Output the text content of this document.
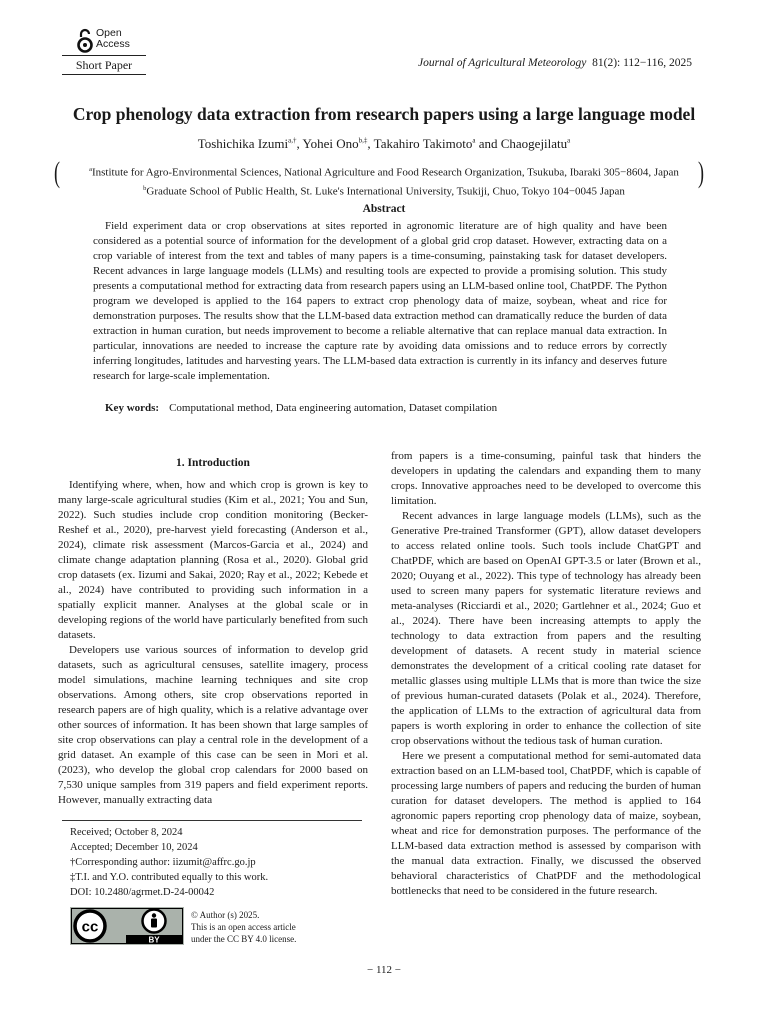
Open
Access
Short Paper	Journal of Agricultural Meteorology 81(2): 112−116, 2025
Crop phenology data extraction from research papers using a large language model
Toshichika Izumi$^{a,\dagger}$, Yohei Ono$^{b,\ddagger}$, Takahiro Takimoto$^a$ and Chaogejilatu$^a$
(	$^a$Institute for Agro-Environmental Sciences, National Agriculture and Food Research Organization, Tsukuba, Ibaraki 305−8604, Japan
$^b$Graduate School of Public Health, St. Luke's International University, Tsukiji, Chuo, Tokyo 104−0045 Japan
)
Abstract

Field experiment data or crop observations at sites reported in agronomic literature are of high quality and have been considered as a potential source of information for the development of a global grid crop dataset. However, extracting data on a crop variable of interest from the text and tables of many papers is a time-consuming, painstaking task for dataset developers. Recent advances in large language models (LLMs) and resulting tools are expected to provide a promising solution. This study presents a computational method for extracting data from research papers using an LLM-based online tool, ChatPDF. The Python program we developed is applied to the 164 papers to extract crop phenology data of maize, soybean, wheat and rice for demonstration purposes. The results show that the LLM-based data extraction method can dramatically reduce the burden of data extraction in human curation, but needs improvement to become a reliable alternative that can replace manual data extraction. In particular, innovations are needed to increase the capture rate by avoiding data omissions and to reduce errors by correctly inferring longitudes, latitudes and harvesting years. The LLM-based data extraction is currently in its infancy and deserves future research for large-scale implementation.

Key words: Computational method, Data engineering automation, Dataset compilation

1. Introduction

Identifying where, when, how and which crop is grown is key to many large-scale agricultural studies (Kim et al., 2021; You and Sun, 2022). Such studies include crop condition monitoring (Becker-Reshef et al., 2020), pre-harvest yield forecasting (Anderson et al., 2024), climate risk assessment (Marcos-Garcia et al., 2024) and climate change adaptation planning (Rosa et al., 2020). Global grid crop datasets (ex. Iizumi and Sakai, 2020; Ray et al., 2022; Kebede et al., 2024) have contributed to providing such information in a spatially explicit manner. Analyses at the global scale or in developing regions of the world have particularly benefited from such datasets.

Developers use various sources of information to develop grid datasets, such as agricultural censuses, satellite imagery, process model simulations, machine learning techniques and site crop observations. Among others, site crop observations reported in research papers are of high quality, which is a relative advantage over other sources of information. It has been shown that large samples of site crop observations can play a central role in the development of a grid dataset. An example of this case can be seen in Mori et al. (2023), who develop the global crop calendars for 2000 based on 7,530 unique samples from 319 papers and field experiment reports. However, manually extracting data

from papers is a time-consuming, painful task that hinders the developers in updating the calendars and expanding them to many crops. Innovative approaches need to be developed to overcome this limitation.

Recent advances in large language models (LLMs), such as the Generative Pre-trained Transformer (GPT), allow dataset developers to access related online tools. Such tools include ChatGPT and ChatPDF, which are based on OpenAI GPT-3.5 or later (Brown et al., 2020; Ouyang et al., 2022). This type of technology has already been used to screen many papers for systematic literature reviews and meta-analyses (Ricciardi et al., 2020; Gartlehner et al., 2024; Guo et al., 2024). There have been increasing attempts to apply the technology to data extraction from papers and the resulting development of datasets. A recent study in material science demonstrates the development of a critical cooling rate dataset for metallic glasses using multiple LLMs that is more than twice the size of previous human-curated datasets (Polak et al., 2024). Therefore, the application of LLMs to the extraction of agricultural data from papers is worth exploring in order to enhance the collection of site crop observations without the tedious task of human curation.

Here we present a computational method for semi-automated data extraction based on an LLM-based tool, ChatPDF, which is capable of processing large numbers of papers and reducing the burden of human curation for dataset developers. The method is applied to 164 agronomic papers reporting crop phenology data of maize, soybean, wheat and rice for demonstration purposes. The performance of the LLM-based data extraction method is assessed by comparison with the manual data extraction. Finally, we discussed the observed behavioral characteristics of ChatPDF and the methodological bottlenecks that need to be considered in the future research.

Received; October 8, 2024
Accepted; December 10, 2024
†Corresponding author: iizumit@affrc.go.jp
‡T.I. and Y.O. contributed equally to this work.
DOI: 10.2480/agrmet.D-24-00042
cc
BY
© Author (s) 2025.
This is an open access article
under the CC BY 4.0 license.
− 112 −
